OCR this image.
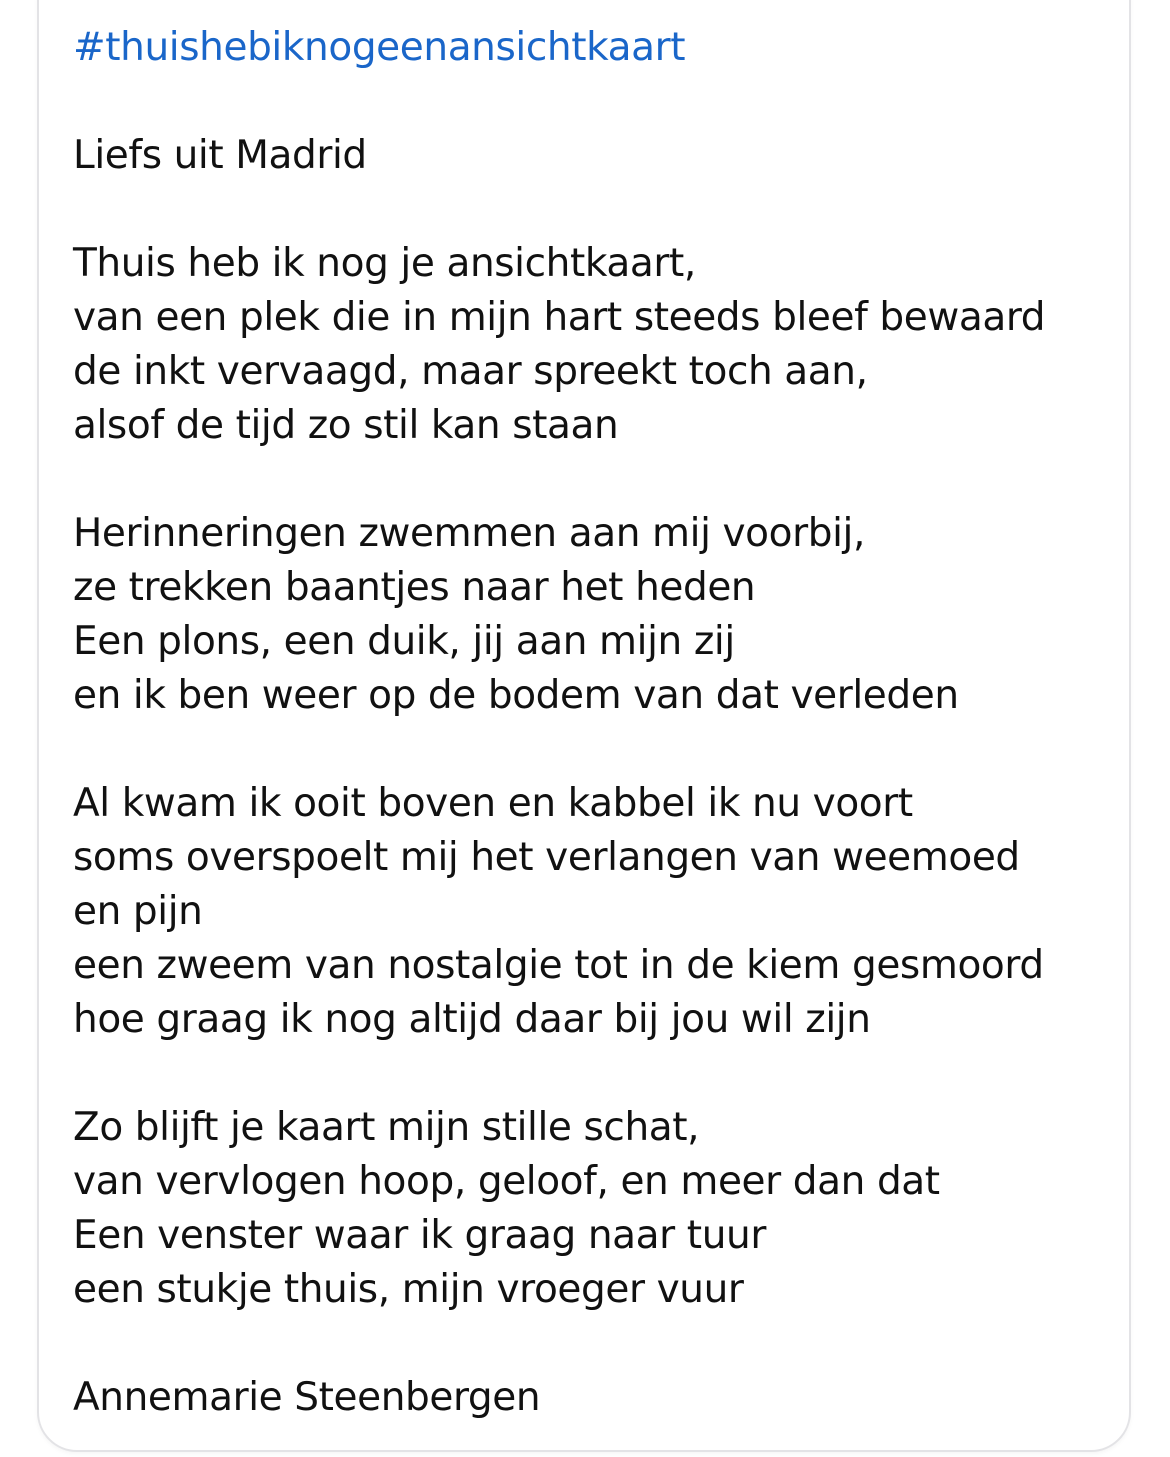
#thuishebiknogeenansichtkaart
Liefs uit Madrid
Thuis heb ik nog je ansichtkaart,
van een plek die in mijn hart steeds bleef bewaard
de inkt vervaagd, maar spreekt toch aan,
alsof de tijd zo stil kan staan
Herinneringen zwemmen aan mij voorbij,
ze trekken baantjes naar het heden
Een plons, een duik, jij aan mijn zij
en ik ben weer op de bodem van dat verleden
Al kwam ik ooit boven en kabbel ik nu voort
soms overspoelt mij het verlangen van weemoed
en pijn
een zweem van nostalgie tot in de kiem gesmoord
hoe graag ik nog altijd daar bij jou wil zijn
Zo blijft je kaart mijn stille schat,
van vervlogen hoop, geloof, en meer dan dat
Een venster waar ik graag naar tuur
een stukje thuis, mijn vroeger vuur
Annemarie Steenbergen
